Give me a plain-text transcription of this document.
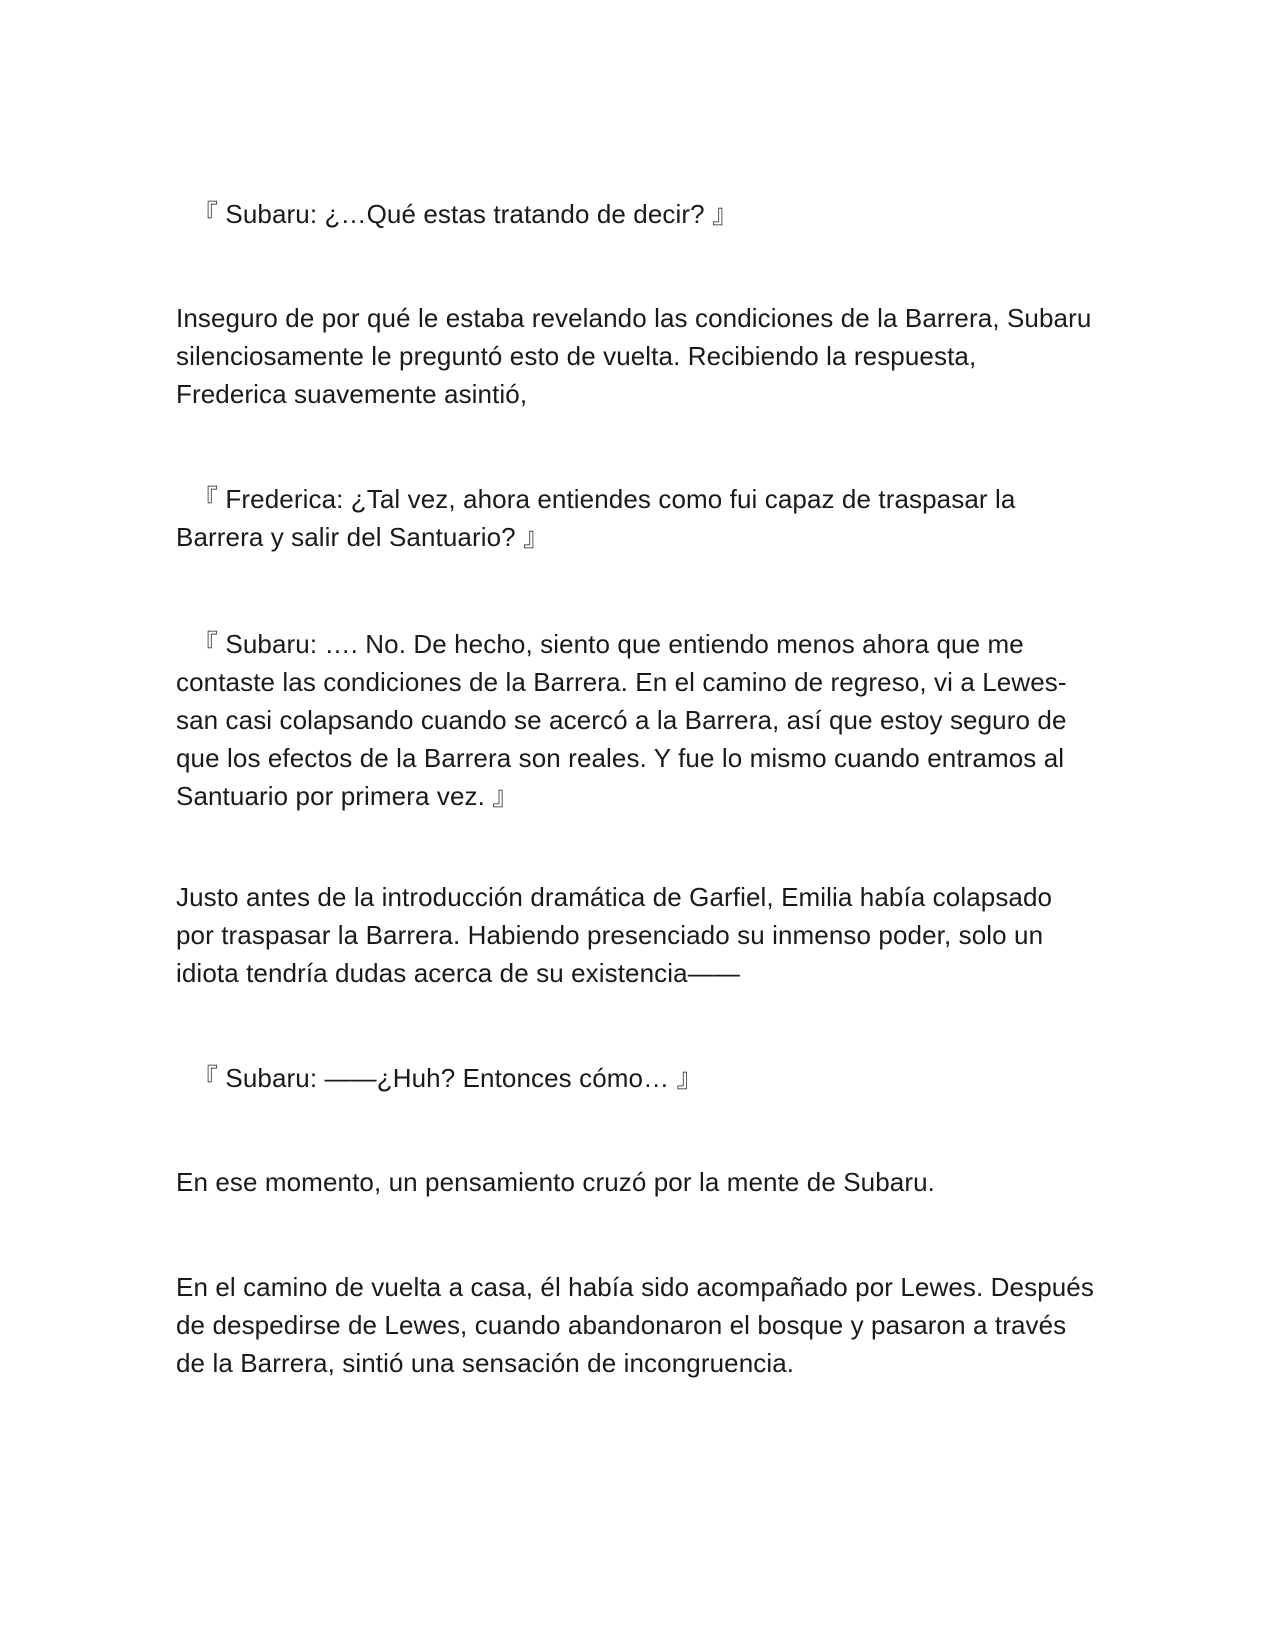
『 Subaru: ¿…Qué estas tratando de decir? 』

Inseguro de por qué le estaba revelando las condiciones de la Barrera, Subaru
silenciosamente le preguntó esto de vuelta. Recibiendo la respuesta,
Frederica suavemente asintió,

『 Frederica: ¿Tal vez, ahora entiendes como fui capaz de traspasar la
Barrera y salir del Santuario? 』

『 Subaru: …. No. De hecho, siento que entiendo menos ahora que me
contaste las condiciones de la Barrera. En el camino de regreso, vi a Lewes-
san casi colapsando cuando se acercó a la Barrera, así que estoy seguro de
que los efectos de la Barrera son reales. Y fue lo mismo cuando entramos al
Santuario por primera vez. 』

Justo antes de la introducción dramática de Garfiel, Emilia había colapsado
por traspasar la Barrera. Habiendo presenciado su inmenso poder, solo un
idiota tendría dudas acerca de su existencia——

『 Subaru: ——¿Huh? Entonces cómo… 』

En ese momento, un pensamiento cruzó por la mente de Subaru.

En el camino de vuelta a casa, él había sido acompañado por Lewes. Después
de despedirse de Lewes, cuando abandonaron el bosque y pasaron a través
de la Barrera, sintió una sensación de incongruencia.
